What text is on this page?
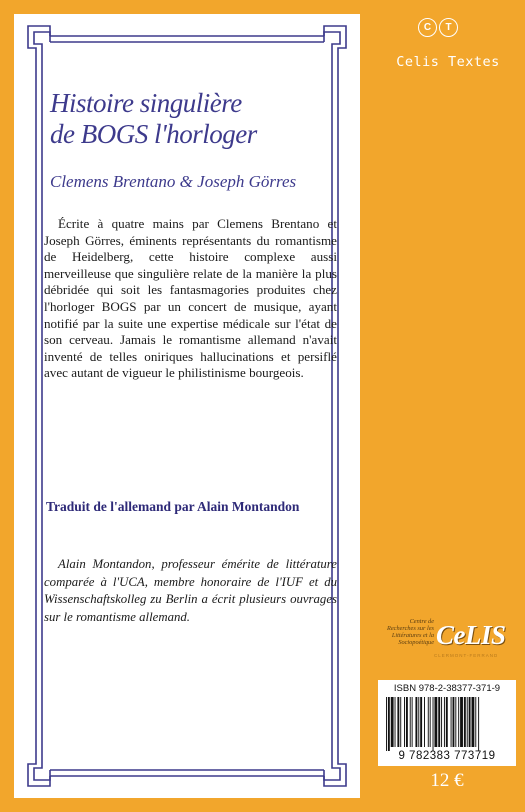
Histoire singulière
de BOGS l'horloger
Clemens Brentano & Joseph Görres

Écrite à quatre mains par Clemens Brentano et Joseph Görres, éminents représentants du romantisme de Heidelberg, cette histoire complexe aussi merveilleuse que singulière relate de la manière la plus débridée qui soit les fantasmagories produites chez l'horloger BOGS par un concert de musique, ayant notifié par la suite une expertise médicale sur l'état de son cerveau. Jamais le romantisme allemand n'avait inventé de telles oniriques hallucinations et persiflé avec autant de vigueur le philistinisme bourgeois.

Traduit de l'allemand par Alain Montandon

Alain Montandon, professeur émérite de littérature comparée à l'UCA, membre honoraire de l'IUF et du Wissenschaftskolleg zu Berlin a écrit plusieurs ouvrages sur le romantisme allemand.

C	T
Celis Textes
Centre de Recherches sur les Littératures et la Sociopoétique CeLIS
CLERMONT-FERRAND
ISBN 978-2-38377-371-9
9 782383 773719
12 €
